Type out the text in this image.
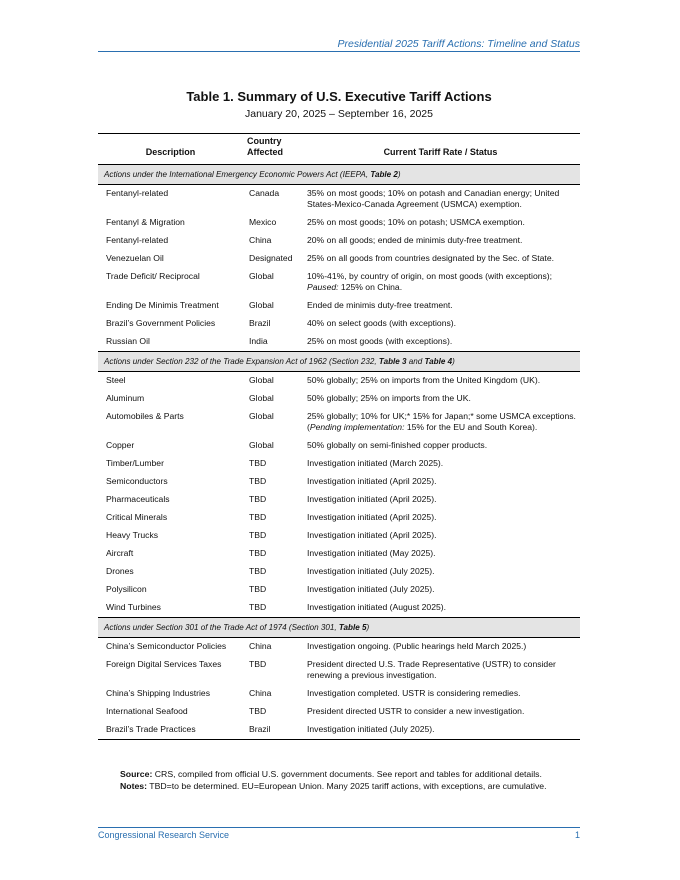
Presidential 2025 Tariff Actions: Timeline and Status
Table 1. Summary of U.S. Executive Tariff Actions
January 20, 2025 – September 16, 2025
Description	Country Affected	Current Tariff Rate / Status
Actions under the International Emergency Economic Powers Act (IEEPA, Table 2)		
Fentanyl-related	Canada	35% on most goods; 10% on potash and Canadian energy; United States-Mexico-Canada Agreement (USMCA) exemption.
Fentanyl & Migration	Mexico	25% on most goods; 10% on potash; USMCA exemption.
Fentanyl-related	China	20% on all goods; ended de minimis duty-free treatment.
Venezuelan Oil	Designated	25% on all goods from countries designated by the Sec. of State.
Trade Deficit/ Reciprocal	Global	10%-41%, by country of origin, on most goods (with exceptions);
Paused: 125% on China.
Ending De Minimis Treatment	Global	Ended de minimis duty-free treatment.
Brazil’s Government Policies	Brazil	40% on select goods (with exceptions).
Russian Oil	India	25% on most goods (with exceptions).
Actions under Section 232 of the Trade Expansion Act of 1962 (Section 232, Table 3 and Table 4)		
Steel	Global	50% globally; 25% on imports from the United Kingdom (UK).
Aluminum	Global	50% globally; 25% on imports from the UK.
Automobiles & Parts	Global	25% globally; 10% for UK;* 15% for Japan;* some USMCA exceptions. (Pending implementation: 15% for the EU and South Korea).
Copper	Global	50% globally on semi-finished copper products.
Timber/Lumber	TBD	Investigation initiated (March 2025).
Semiconductors	TBD	Investigation initiated (April 2025).
Pharmaceuticals	TBD	Investigation initiated (April 2025).
Critical Minerals	TBD	Investigation initiated (April 2025).
Heavy Trucks	TBD	Investigation initiated (April 2025).
Aircraft	TBD	Investigation initiated (May 2025).
Drones	TBD	Investigation initiated (July 2025).
Polysilicon	TBD	Investigation initiated (July 2025).
Wind Turbines	TBD	Investigation initiated (August 2025).
Actions under Section 301 of the Trade Act of 1974 (Section 301, Table 5)		
China’s Semiconductor Policies	China	Investigation ongoing. (Public hearings held March 2025.)
Foreign Digital Services Taxes	TBD	President directed U.S. Trade Representative (USTR) to consider renewing a previous investigation.
China’s Shipping Industries	China	Investigation completed. USTR is considering remedies.
International Seafood	TBD	President directed USTR to consider a new investigation.
Brazil’s Trade Practices	Brazil	Investigation initiated (July 2025).
Source: CRS, compiled from official U.S. government documents. See report and tables for additional details.
Notes: TBD=to be determined. EU=European Union. Many 2025 tariff actions, with exceptions, are cumulative.
Congressional Research Service	1
